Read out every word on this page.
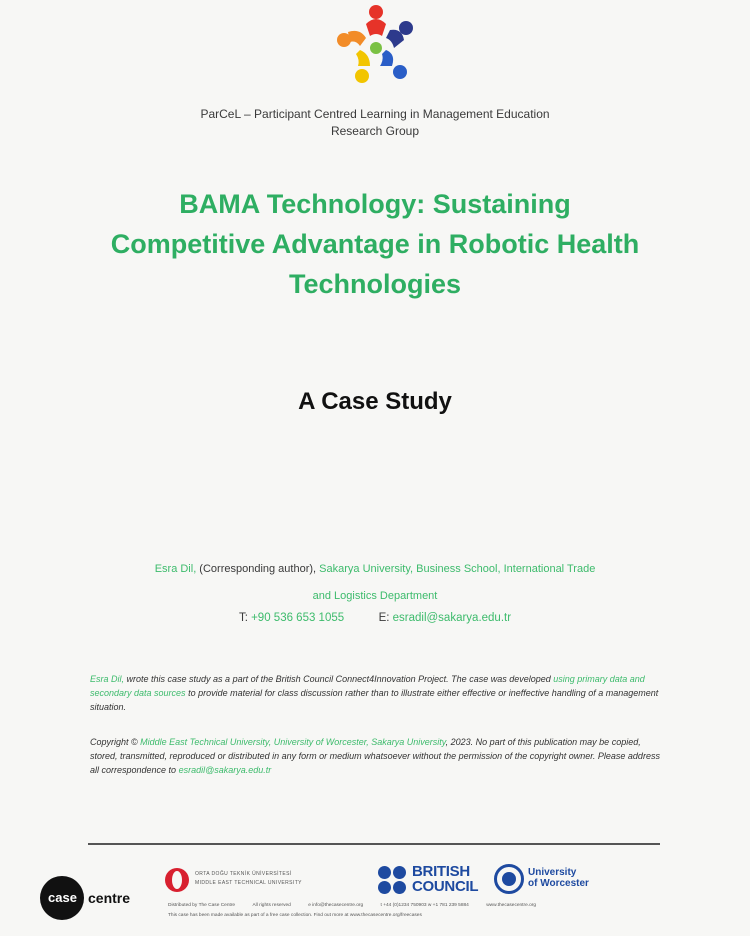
ParCeL – Participant Centred Learning in Management Education
Research Group
BAMA Technology: Sustaining
Competitive Advantage in Robotic Health
Technologies
A Case Study
Esra Dil, (Corresponding author), Sakarya University, Business School, International Trade
and Logistics Department
T: +90 536 653 1055	E: esradil@sakarya.edu.tr
Esra Dil, wrote this case study as a part of the British Council Connect4Innovation Project. The case was developed using primary data and secondary data sources to provide material for class discussion rather than to illustrate either effective or ineffective handling of a management situation.
Copyright © Middle East Technical University, University of Worcester, Sakarya University, 2023. No part of this publication may be copied, stored, transmitted, reproduced or distributed in any form or medium whatsoever without the permission of the copyright owner. Please address all correspondence to esradil@sakarya.edu.tr
case centre
ORTA DOĞU TEKNİK ÜNİVERSİTESİ
MIDDLE EAST TECHNICAL UNIVERSITY
BRITISH
COUNCIL
University
of Worcester
Distributed by The Case Centre	All rights reserved	e info@thecasecentre.org	t +44 (0)1234 750903 w +1 781 239 5884	www.thecasecentre.org
This case has been made available as part of a free case collection. Find out more at www.thecasecentre.org/freecases
